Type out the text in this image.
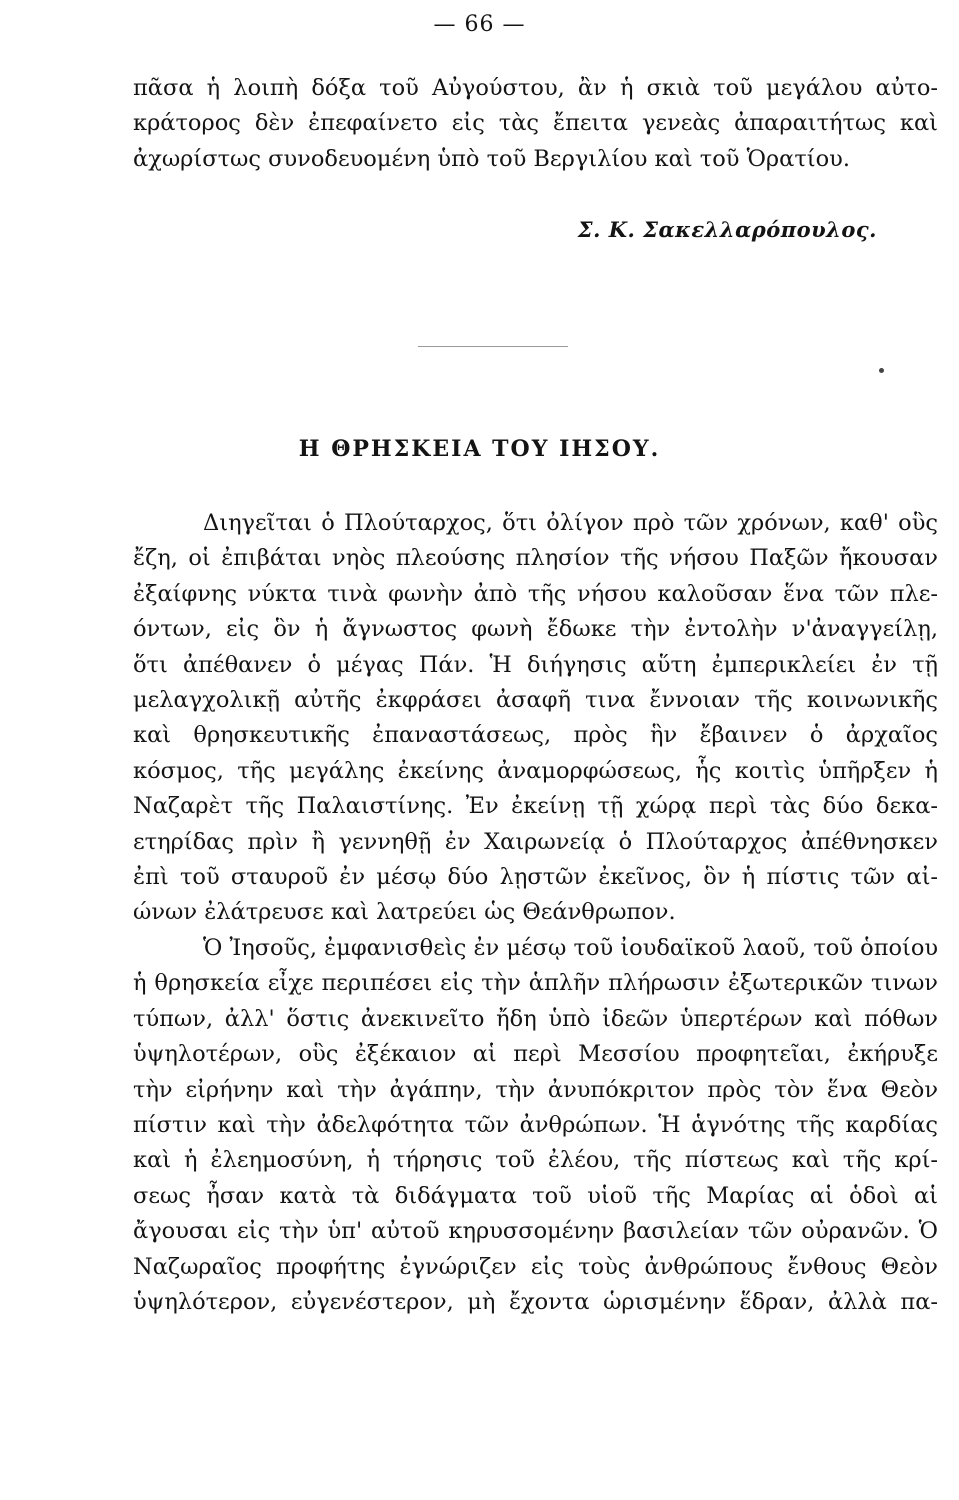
— 66 —
πᾶσα ἡ λοιπὴ δόξα τοῦ Αὐγούστου, ἂν ἡ σκιὰ τοῦ μεγάλου αὐτο-
κράτορος δὲν ἐπεφαίνετο εἰς τὰς ἔπειτα γενεὰς ἀπαραιτήτως καὶ
ἀχωρίστως συνοδευομένη ὑπὸ τοῦ Βεργιλίου καὶ τοῦ Ὁρατίου.
Σ. Κ. Σακελλαρόπουλος.
Η ΘΡΗΣΚΕΙΑ ΤΟΥ ΙΗΣΟΥ.
Διηγεῖται ὁ Πλούταρχος, ὅτι ὀλίγον πρὸ τῶν χρόνων, καθ' οὓς
ἔζη, οἱ ἐπιβάται νηὸς πλεούσης πλησίον τῆς νήσου Παξῶν ἤκουσαν
ἐξαίφνης νύκτα τινὰ φωνὴν ἀπὸ τῆς νήσου καλοῦσαν ἕνα τῶν πλε-
όντων, εἰς ὃν ἡ ἄγνωστος φωνὴ ἔδωκε τὴν ἐντολὴν ν'ἀναγγείλῃ,
ὅτι ἀπέθανεν ὁ μέγας Πάν. Ἡ διήγησις αὕτη ἐμπερικλείει ἐν τῇ
μελαγχολικῇ αὐτῆς ἐκφράσει ἀσαφῆ τινα ἔννοιαν τῆς κοινωνικῆς
καὶ θρησκευτικῆς ἐπαναστάσεως, πρὸς ἣν ἔβαινεν ὁ ἀρχαῖος
κόσμος, τῆς μεγάλης ἐκείνης ἀναμορφώσεως, ἧς κοιτὶς ὑπῆρξεν ἡ
Ναζαρὲτ τῆς Παλαιστίνης. Ἐν ἐκείνῃ τῇ χώρᾳ περὶ τὰς δύο δεκα-
ετηρίδας πρὶν ἢ γεννηθῇ ἐν Χαιρωνείᾳ ὁ Πλούταρχος ἀπέθνησκεν
ἐπὶ τοῦ σταυροῦ ἐν μέσῳ δύο λῃστῶν ἐκεῖνος, ὃν ἡ πίστις τῶν αἰ-
ώνων ἐλάτρευσε καὶ λατρεύει ὡς Θεάνθρωπον.
Ὁ Ἰησοῦς, ἐμφανισθεὶς ἐν μέσῳ τοῦ ἰουδαϊκοῦ λαοῦ, τοῦ ὁποίου
ἡ θρησκεία εἶχε περιπέσει εἰς τὴν ἁπλῆν πλήρωσιν ἐξωτερικῶν τινων
τύπων, ἀλλ' ὅστις ἀνεκινεῖτο ἤδη ὑπὸ ἰδεῶν ὑπερτέρων καὶ πόθων
ὑψηλοτέρων, οὓς ἐξέκαιον αἱ περὶ Μεσσίου προφητεῖαι, ἐκήρυξε
τὴν εἰρήνην καὶ τὴν ἀγάπην, τὴν ἀνυπόκριτον πρὸς τὸν ἕνα Θεὸν
πίστιν καὶ τὴν ἀδελφότητα τῶν ἀνθρώπων. Ἡ ἁγνότης τῆς καρδίας
καὶ ἡ ἐλεημοσύνη, ἡ τήρησις τοῦ ἐλέου, τῆς πίστεως καὶ τῆς κρί-
σεως ἦσαν κατὰ τὰ διδάγματα τοῦ υἱοῦ τῆς Μαρίας αἱ ὁδοὶ αἱ
ἄγουσαι εἰς τὴν ὑπ' αὐτοῦ κηρυσσομένην βασιλείαν τῶν οὐρανῶν. Ὁ
Ναζωραῖος προφήτης ἐγνώριζεν εἰς τοὺς ἀνθρώπους ἔνθους Θεὸν
ὑψηλότερον, εὐγενέστερον, μὴ ἔχοντα ὡρισμένην ἕδραν, ἀλλὰ πα-
